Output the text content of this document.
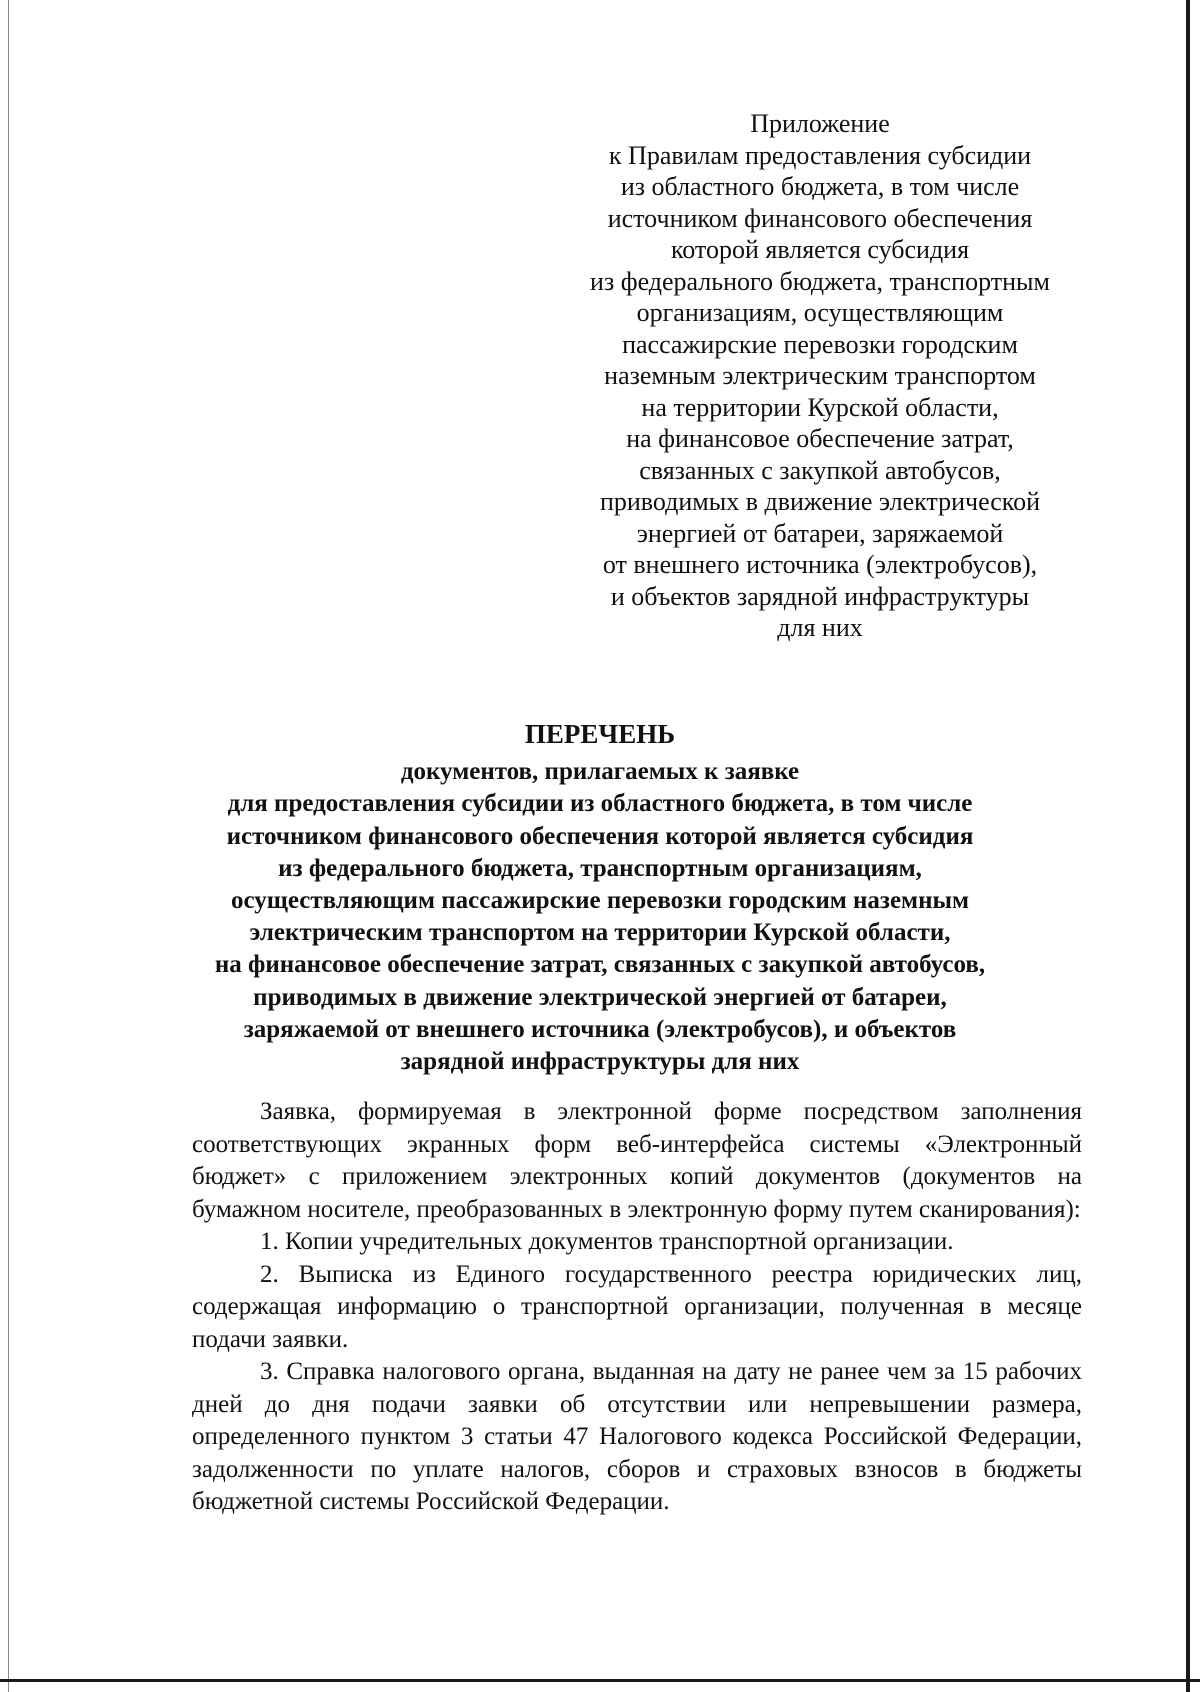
Приложение
к Правилам предоставления субсидии
из областного бюджета, в том числе
источником финансового обеспечения
которой является субсидия
из федерального бюджета, транспортным
организациям, осуществляющим
пассажирские перевозки городским
наземным электрическим транспортом
на территории Курской области,
на финансовое обеспечение затрат,
связанных с закупкой автобусов,
приводимых в движение электрической
энергией от батареи, заряжаемой
от внешнего источника (электробусов),
и объектов зарядной инфраструктуры
для них
ПЕРЕЧЕНЬ
документов, прилагаемых к заявке
для предоставления субсидии из областного бюджета, в том числе
источником финансового обеспечения которой является субсидия
из федерального бюджета, транспортным организациям,
осуществляющим пассажирские перевозки городским наземным
электрическим транспортом на территории Курской области,
на финансовое обеспечение затрат, связанных с закупкой автобусов,
приводимых в движение электрической энергией от батареи,
заряжаемой от внешнего источника (электробусов), и объектов
зарядной инфраструктуры для них

Заявка, формируемая в электронной форме посредством заполнения соответствующих экранных форм веб-интерфейса системы «Электронный бюджет» с приложением электронных копий документов (документов на бумажном носителе, преобразованных в электронную форму путем сканирования):

1. Копии учредительных документов транспортной организации.

2. Выписка из Единого государственного реестра юридических лиц, содержащая информацию о транспортной организации, полученная в месяце подачи заявки.

3. Справка налогового органа, выданная на дату не ранее чем за 15 рабочих дней до дня подачи заявки об отсутствии или непревышении размера, определенного пунктом 3 статьи 47 Налогового кодекса Российской Федерации, задолженности по уплате налогов, сборов и страховых взносов в бюджеты бюджетной системы Российской Федерации.
